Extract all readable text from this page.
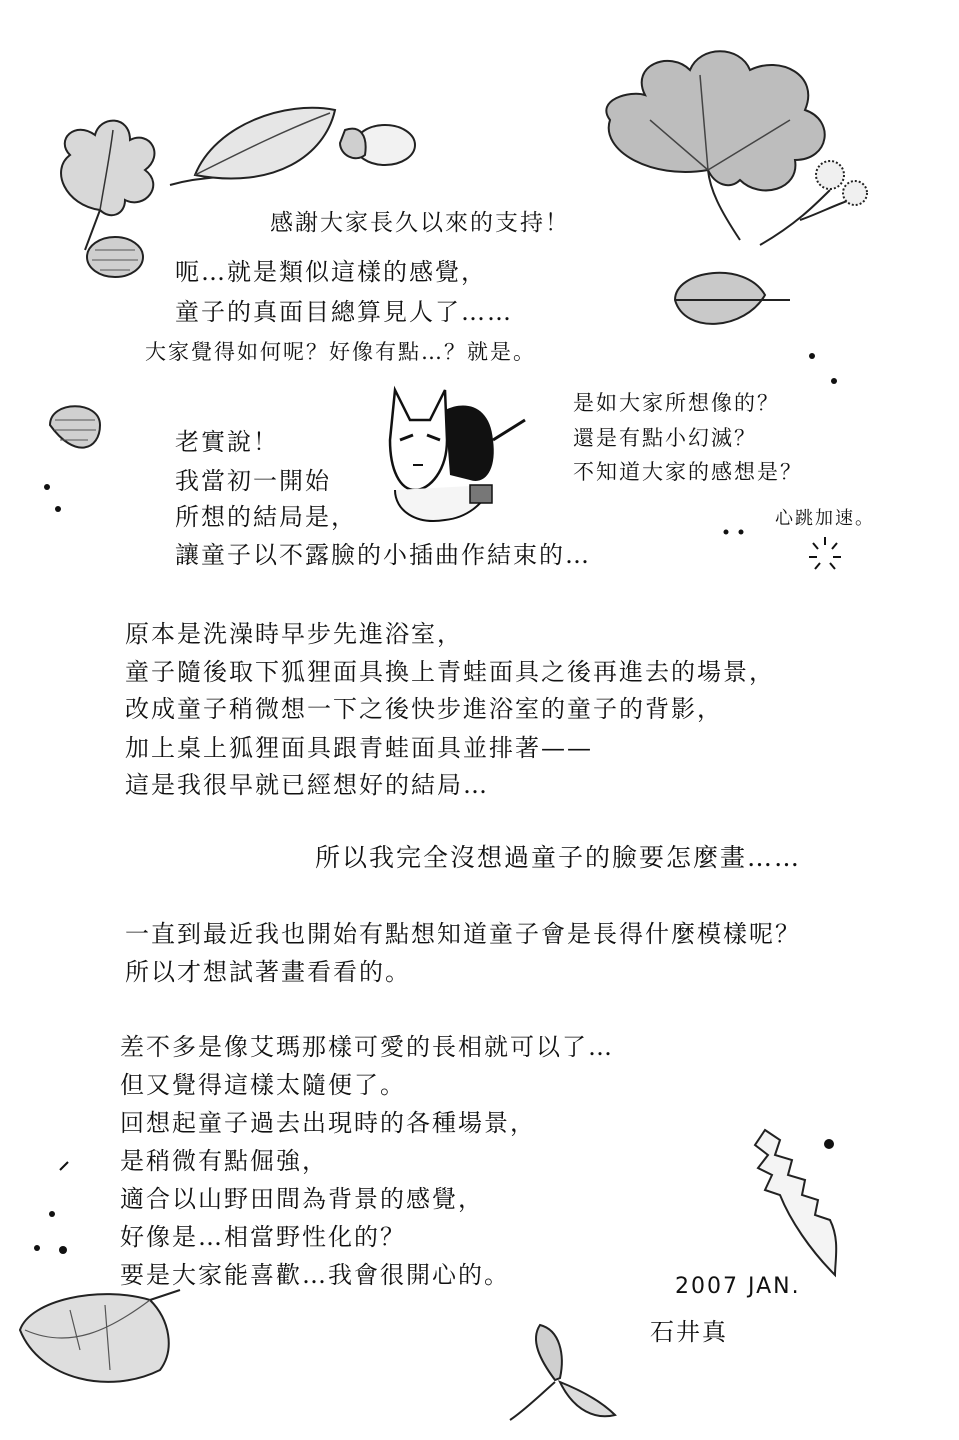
感謝大家長久以來的支持！
呃…就是類似這樣的感覺，
童子的真面目總算見人了……
大家覺得如何呢？好像有點…？就是。
是如大家所想像的？
還是有點小幻滅？
不知道大家的感想是？
心跳加速。
老實說！
我當初一開始
所想的結局是，
讓童子以不露臉的小插曲作結束的…
原本是洗澡時早步先進浴室，
童子隨後取下狐狸面具換上青蛙面具之後再進去的場景，
改成童子稍微想一下之後快步進浴室的童子的背影，
加上桌上狐狸面具跟青蛙面具並排著——
這是我很早就已經想好的結局…
所以我完全沒想過童子的臉要怎麼畫……
一直到最近我也開始有點想知道童子會是長得什麼模樣呢？
所以才想試著畫看看的。
差不多是像艾瑪那樣可愛的長相就可以了…
但又覺得這樣太隨便了。
回想起童子過去出現時的各種場景，
是稍微有點倔強，
適合以山野田間為背景的感覺，
好像是…相當野性化的？
要是大家能喜歡…我會很開心的。	2007 JAN.
石井真
